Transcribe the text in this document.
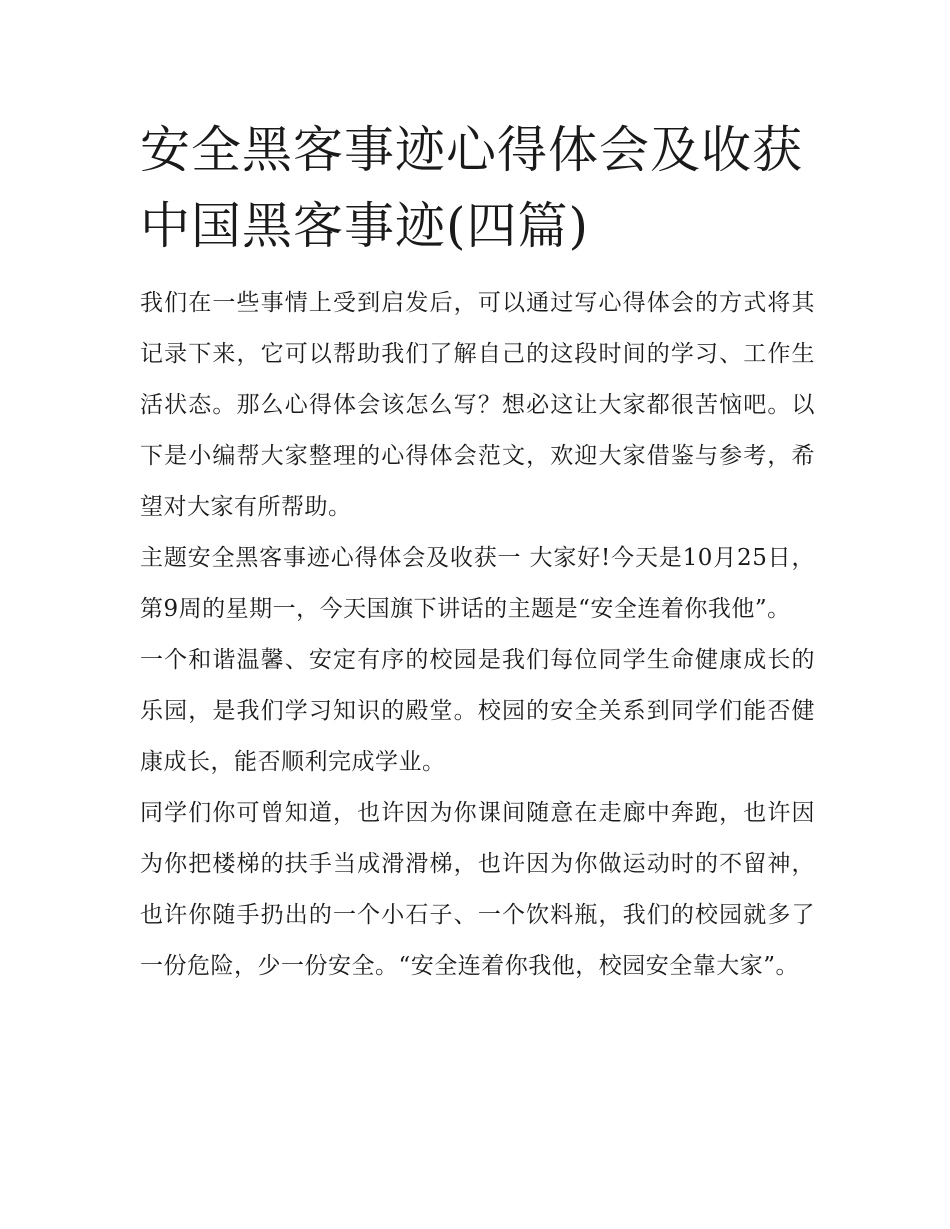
安全黑客事迹心得体会及收获中国黑客事迹(四篇)

我们在一些事情上受到启发后，可以通过写心得体会的方式将其记录下来，它可以帮助我们了解自己的这段时间的学习、工作生活状态。那么心得体会该怎么写？想必这让大家都很苦恼吧。以下是小编帮大家整理的心得体会范文，欢迎大家借鉴与参考，希望对大家有所帮助。

主题安全黑客事迹心得体会及收获一 大家好!今天是10月25日，第9周的星期一，今天国旗下讲话的主题是“安全连着你我他”。

一个和谐温馨、安定有序的校园是我们每位同学生命健康成长的乐园，是我们学习知识的殿堂。校园的安全关系到同学们能否健康成长，能否顺利完成学业。

同学们你可曾知道，也许因为你课间随意在走廊中奔跑，也许因为你把楼梯的扶手当成滑滑梯，也许因为你做运动时的不留神，也许你随手扔出的一个小石子、一个饮料瓶，我们的校园就多了一份危险，少一份安全。“安全连着你我他，校园安全靠大家”。
